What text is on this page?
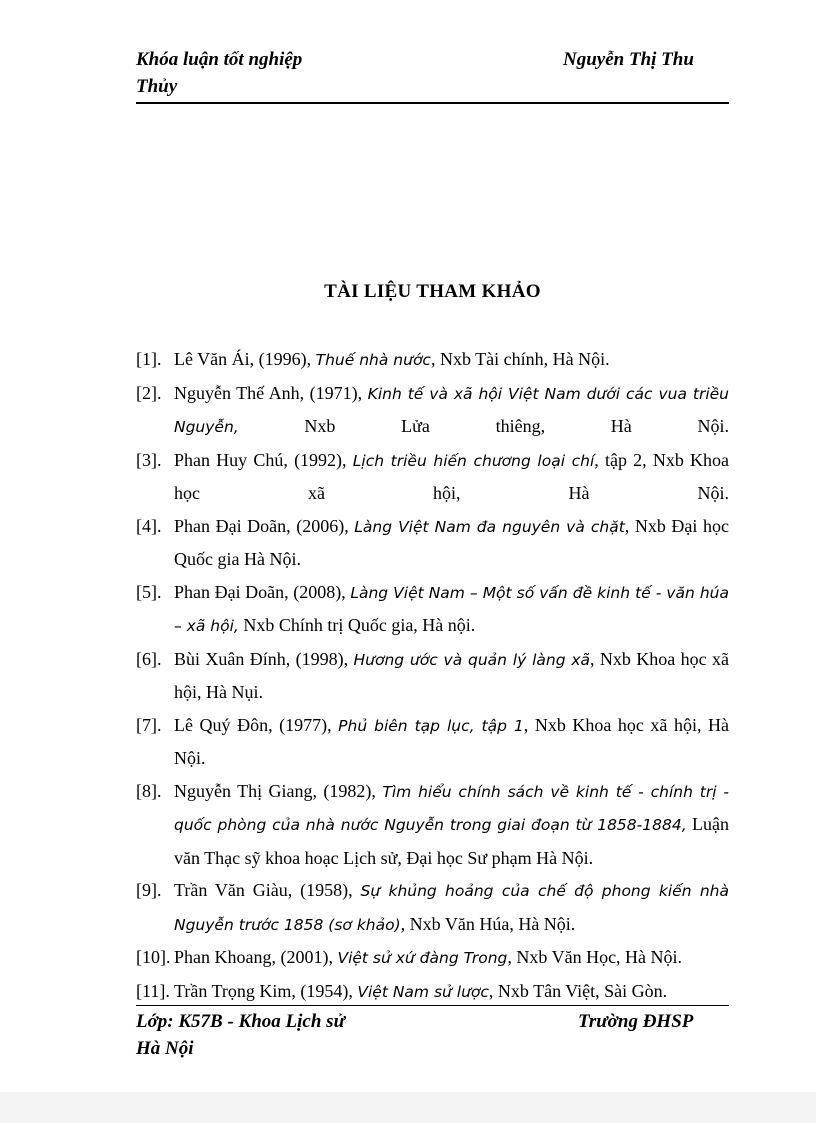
Khóa luận tốt nghiệp	Nguyễn Thị Thu
Thủy
TÀI LIỆU THAM KHẢO
[1]. Lê Văn Ái, (1996), Thuế nhà nước, Nxb Tài chính, Hà Nội.
[2]. Nguyễn Thế Anh, (1971), Kinh tế và xã hội Việt Nam dưới các vua triều Nguyễn, Nxb Lửa thiêng, Hà Nội.
[3]. Phan Huy Chú, (1992), Lịch triều hiến chương loại chí, tập 2, Nxb Khoa học xã hội, Hà Nội.
[4]. Phan Đại Doãn, (2006), Làng Việt Nam đa nguyên và chặt, Nxb Đại học Quốc gia Hà Nội.
[5]. Phan Đại Doãn, (2008), Làng Việt Nam – Một số vấn đề kinh tế - văn húa – xã hội, Nxb Chính trị Quốc gia, Hà nội.
[6]. Bùi Xuân Đính, (1998), Hương ước và quản lý làng xã, Nxb Khoa học xã hội, Hà Nụi.
[7]. Lê Quý Đôn, (1977), Phủ biên tạp lục, tập 1, Nxb Khoa học xã hội, Hà Nội.
[8]. Nguyễn Thị Giang, (1982), Tìm hiểu chính sách về kinh tế - chính trị - quốc phòng của nhà nước Nguyễn trong giai đoạn từ 1858-1884, Luận văn Thạc sỹ khoa hoạc Lịch sử, Đại học Sư phạm Hà Nội.
[9]. Trần Văn Giàu, (1958), Sự khủng hoảng của chế độ phong kiến nhà Nguyễn trước 1858 (sơ khảo), Nxb Văn Húa, Hà Nội.
[10]. Phan Khoang, (2001), Việt sử xứ đàng Trong, Nxb Văn Học, Hà Nội.
[11]. Trần Trọng Kim, (1954), Việt Nam sử lược, Nxb Tân Việt, Sài Gòn.
Lớp: K57B - Khoa Lịch sử	Trường ĐHSP
Hà Nội
